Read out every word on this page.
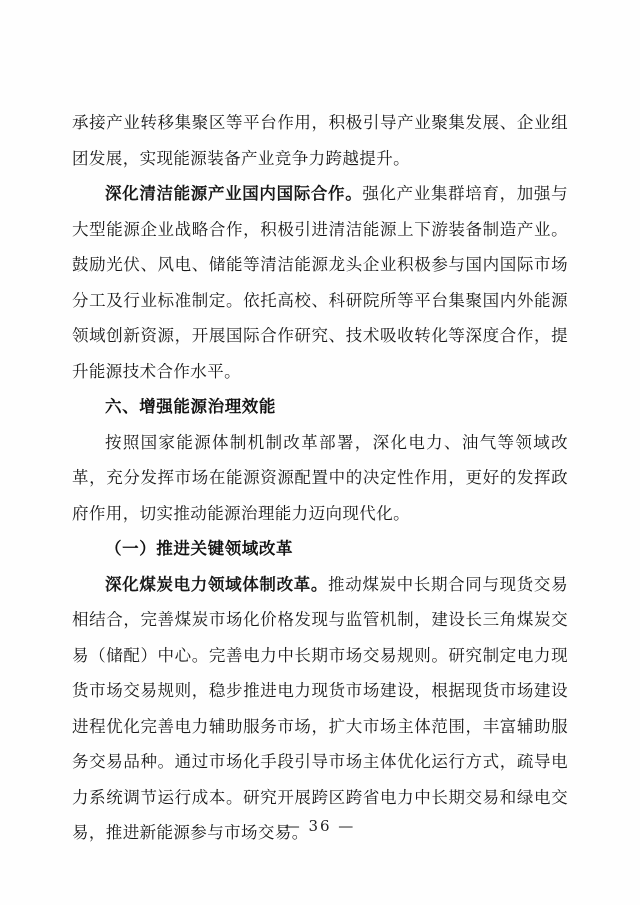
承接产业转移集聚区等平台作用，积极引导产业聚集发展、企业组团发展，实现能源装备产业竞争力跨越提升。

深化清洁能源产业国内国际合作。强化产业集群培育，加强与大型能源企业战略合作，积极引进清洁能源上下游装备制造产业。鼓励光伏、风电、储能等清洁能源龙头企业积极参与国内国际市场分工及行业标准制定。依托高校、科研院所等平台集聚国内外能源领域创新资源，开展国际合作研究、技术吸收转化等深度合作，提升能源技术合作水平。

六、增强能源治理效能

按照国家能源体制机制改革部署，深化电力、油气等领域改革，充分发挥市场在能源资源配置中的决定性作用，更好的发挥政府作用，切实推动能源治理能力迈向现代化。

（一）推进关键领域改革

深化煤炭电力领域体制改革。推动煤炭中长期合同与现货交易相结合，完善煤炭市场化价格发现与监管机制，建设长三角煤炭交易（储配）中心。完善电力中长期市场交易规则。研究制定电力现货市场交易规则，稳步推进电力现货市场建设，根据现货市场建设进程优化完善电力辅助服务市场，扩大市场主体范围，丰富辅助服务交易品种。通过市场化手段引导市场主体优化运行方式，疏导电力系统调节运行成本。研究开展跨区跨省电力中长期交易和绿电交易，推进新能源参与市场交易。

— 36 —
